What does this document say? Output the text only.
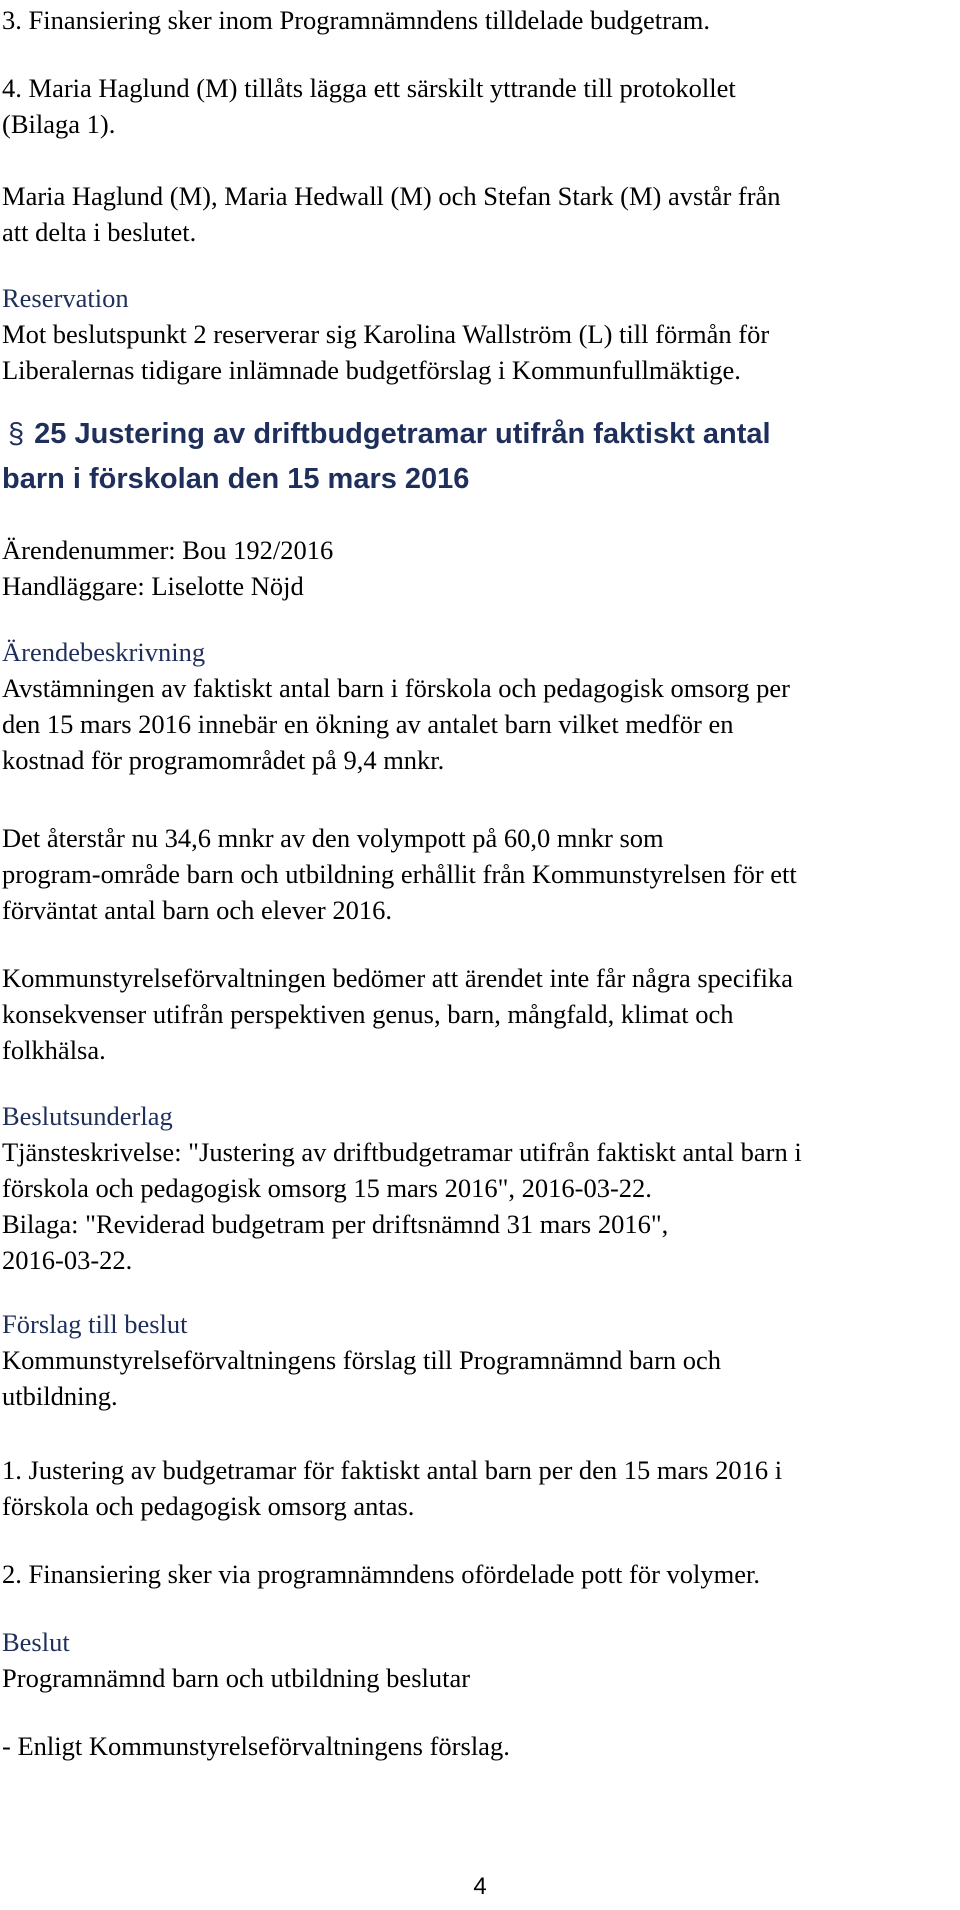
3. Finansiering sker inom Programnämndens tilldelade budgetram.

4. Maria Haglund (M) tillåts lägga ett särskilt yttrande till protokollet

(Bilaga 1).

Maria Haglund (M), Maria Hedwall (M) och Stefan Stark (M) avstår från

att delta i beslutet.

Reservation

Mot beslutspunkt 2 reserverar sig Karolina Wallström (L) till förmån för

Liberalernas tidigare inlämnade budgetförslag i Kommunfullmäktige.

§ 25 Justering av driftbudgetramar utifrån faktiskt antal
barn i förskolan den 15 mars 2016

Ärendenummer: Bou 192/2016

Handläggare: Liselotte Nöjd

Ärendebeskrivning

Avstämningen av faktiskt antal barn i förskola och pedagogisk omsorg per

den 15 mars 2016 innebär en ökning av antalet barn vilket medför en

kostnad för programområdet på 9,4 mnkr.

Det återstår nu 34,6 mnkr av den volympott på 60,0 mnkr som

program-område barn och utbildning erhållit från Kommunstyrelsen för ett

förväntat antal barn och elever 2016.

Kommunstyrelseförvaltningen bedömer att ärendet inte får några specifika

konsekvenser utifrån perspektiven genus, barn, mångfald, klimat och

folkhälsa.

Beslutsunderlag

Tjänsteskrivelse: "Justering av driftbudgetramar utifrån faktiskt antal barn i

förskola och pedagogisk omsorg 15 mars 2016", 2016-03-22.

Bilaga: "Reviderad budgetram per driftsnämnd 31 mars 2016",

2016-03-22.

Förslag till beslut

Kommunstyrelseförvaltningens förslag till Programnämnd barn och

utbildning.

1. Justering av budgetramar för faktiskt antal barn per den 15 mars 2016 i

förskola och pedagogisk omsorg antas.

2. Finansiering sker via programnämndens ofördelade pott för volymer.

Beslut

Programnämnd barn och utbildning beslutar

- Enligt Kommunstyrelseförvaltningens förslag.

4
